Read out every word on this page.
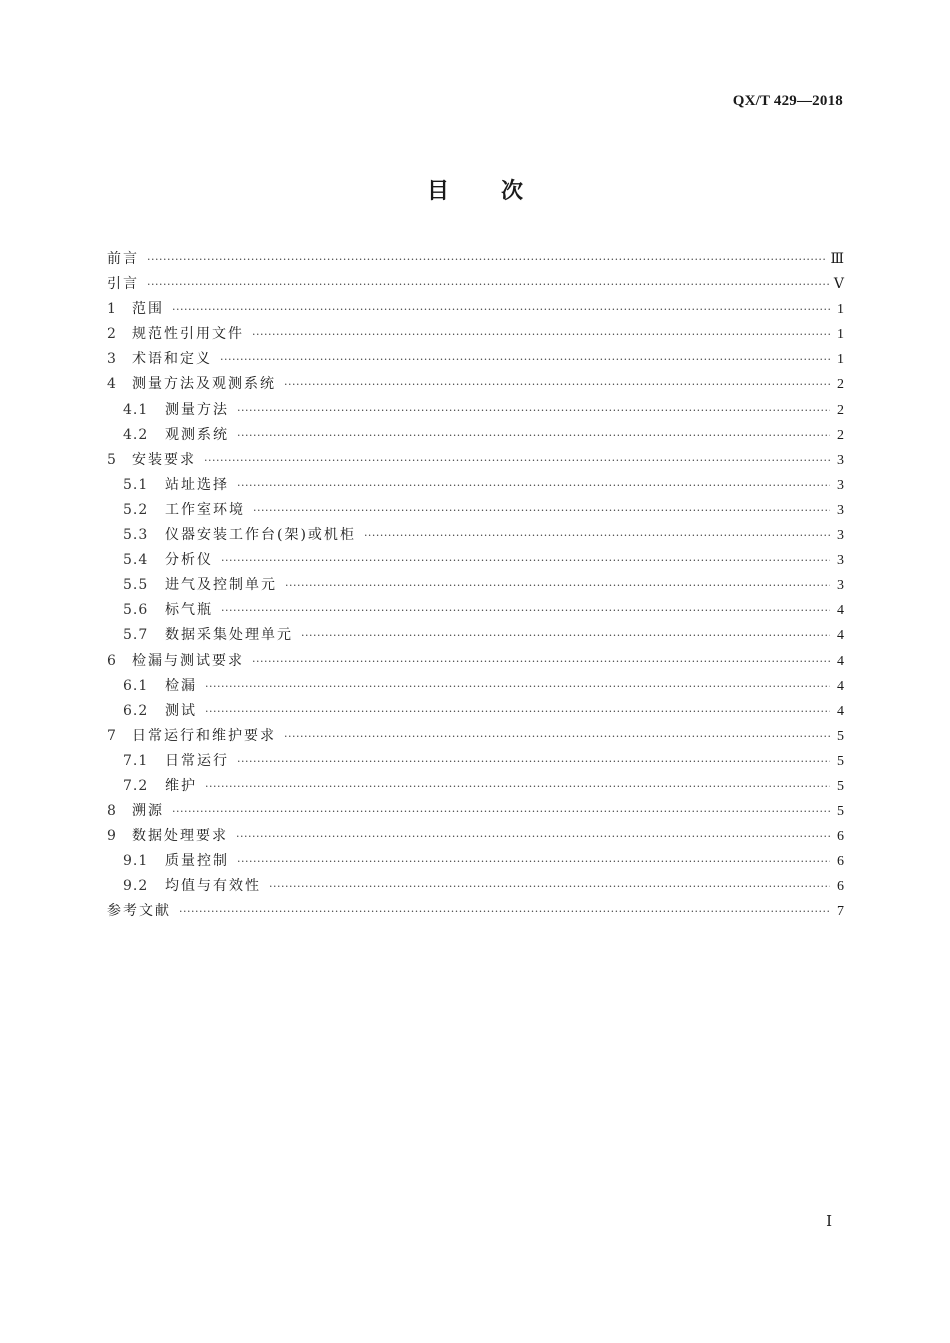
QX/T 429—2018
目 次
前言 ·····	Ⅲ
引言 ·····	Ⅴ
1	范围 ·····	1
2	规范性引用文件 ·····	1
3	术语和定义 ·····	1
4	测量方法及观测系统 ·····	2
4.1	测量方法 ·····	2
4.2	观测系统 ·····	2
5	安装要求 ·····	3
5.1	站址选择 ·····	3
5.2	工作室环境 ·····	3
5.3	仪器安装工作台(架)或机柜 ·····	3
5.4	分析仪 ·····	3
5.5	进气及控制单元 ·····	3
5.6	标气瓶 ·····	4
5.7	数据采集处理单元 ·····	4
6	检漏与测试要求 ·····	4
6.1	检漏 ·····	4
6.2	测试 ·····	4
7	日常运行和维护要求 ·····	5
7.1	日常运行 ·····	5
7.2	维护 ·····	5
8	溯源 ·····	5
9	数据处理要求 ·····	6
9.1	质量控制 ·····	6
9.2	均值与有效性 ·····	6
参考文献 ·····	7
Ⅰ
